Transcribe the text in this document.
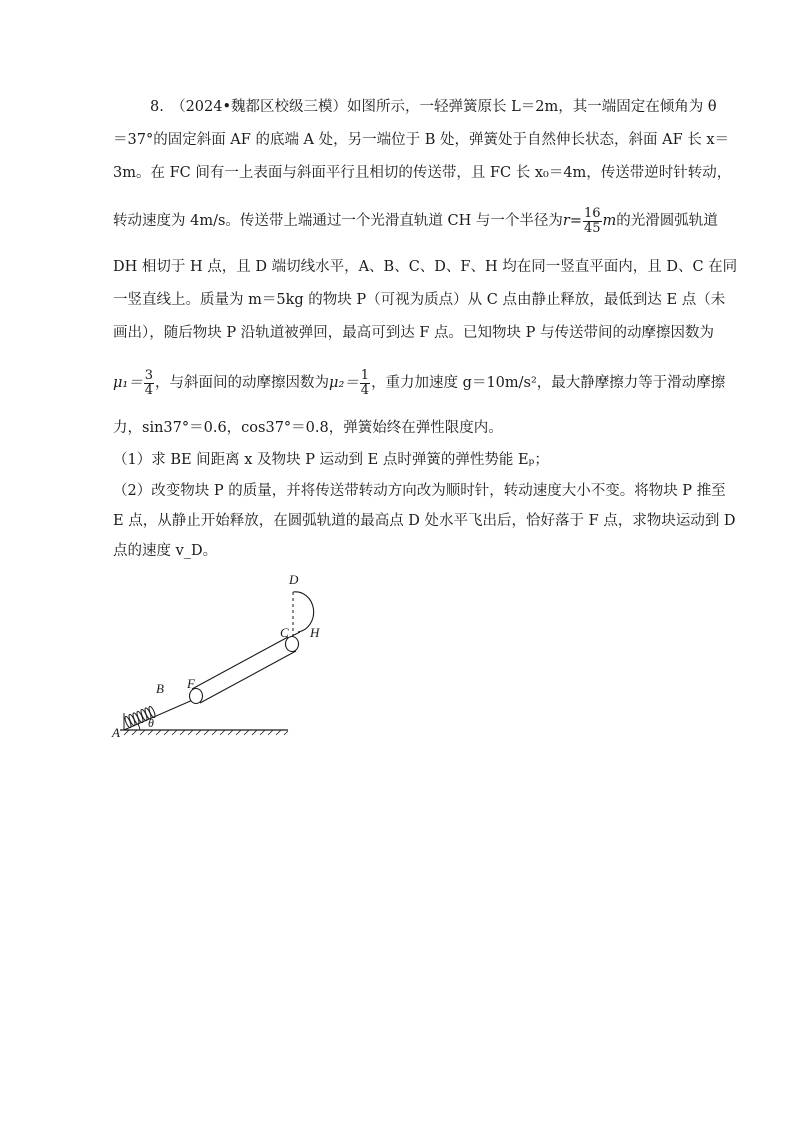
8.　（2024•魏都区校级三模）如图所示，一轻弹簧原长 L＝2m，其一端固定在倾角为 θ
＝37°的固定斜面 AF 的底端 A 处，另一端位于 B 处，弹簧处于自然伸长状态，斜面 AF 长 x＝
3m。在 FC 间有一上表面与斜面平行且相切的传送带，且 FC 长 x₀＝4m，传送带逆时针转动，
转动速度为 4m/s。传送带上端通过一个光滑直轨道 CH 与一个半径为$r= \frac{16}{45}$ m的光滑圆弧轨道
DH 相切于 H 点，且 D 端切线水平，A、B、C、D、F、H 均在同一竖直平面内，且 D、C 在同
一竖直线上。质量为 m＝5kg 的物块 P（可视为质点）从 C 点由静止释放，最低到达 E 点（未
画出），随后物块 P 沿轨道被弹回，最高可到达 F 点。已知物块 P 与传送带间的动摩擦因数为
$\mu_1= \frac{3}{4}$ ，与斜面间的动摩擦因数为$\mu_2= \frac{1}{4}$ ，重力加速度 g＝10m/s²，最大静摩擦力等于滑动摩擦
力，sin37°＝0.6，cos37°＝0.8，弹簧始终在弹性限度内。
（1）求 BE 间距离 x 及物块 P 运动到 E 点时弹簧的弹性势能 Eₚ；
（2）改变物块 P 的质量，并将传送带转动方向改为顺时针，转动速度大小不变。将物块 P 推至
E 点，从静止开始释放，在圆弧轨道的最高点 D 处水平飞出后，恰好落于 F 点，求物块运动到 D
点的速度 v_D。
A
B F
C
D
H
θ
